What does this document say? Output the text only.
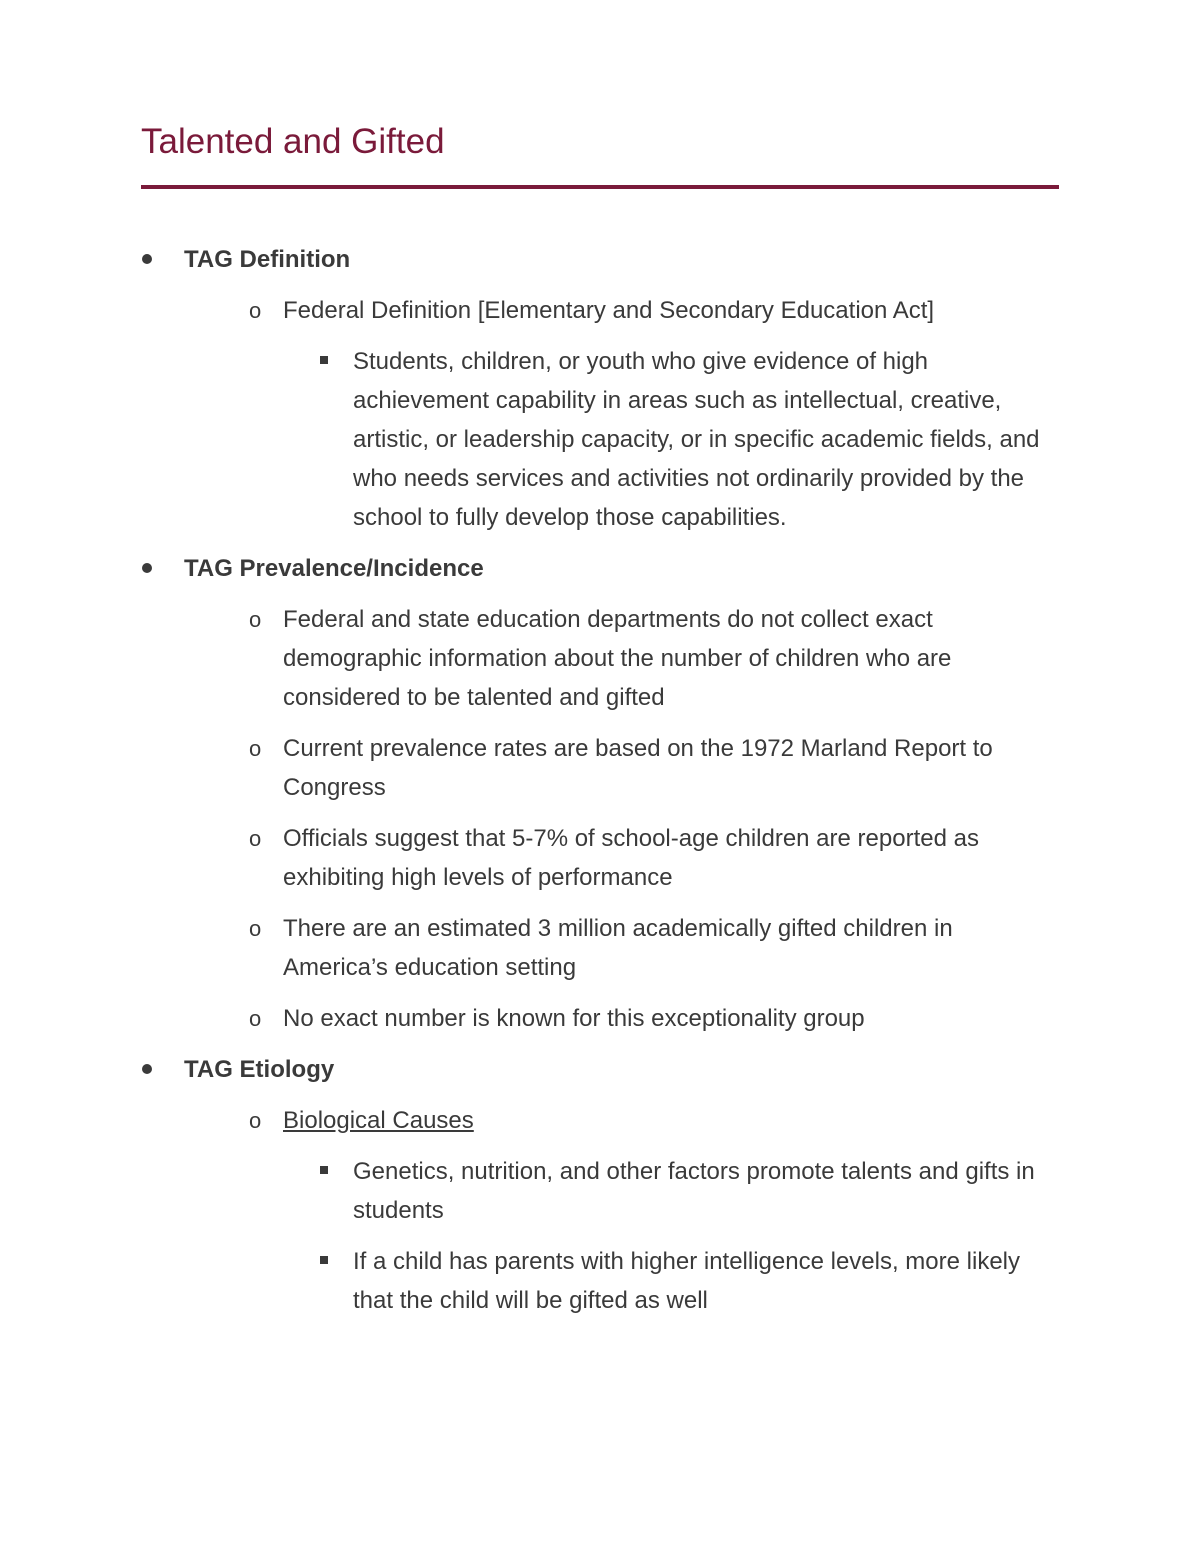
Talented and Gifted
TAG Definition
o Federal Definition [Elementary and Secondary Education Act]
Students, children, or youth who give evidence of high achievement capability in areas such as intellectual, creative, artistic, or leadership capacity, or in specific academic fields, and who needs services and activities not ordinarily provided by the school to fully develop those capabilities.
TAG Prevalence/Incidence
o Federal and state education departments do not collect exact demographic information about the number of children who are considered to be talented and gifted
o Current prevalence rates are based on the 1972 Marland Report to Congress
o Officials suggest that 5-7% of school-age children are reported as exhibiting high levels of performance
o There are an estimated 3 million academically gifted children in America’s education setting
o No exact number is known for this exceptionality group
TAG Etiology
o Biological Causes
Genetics, nutrition, and other factors promote talents and gifts in students
If a child has parents with higher intelligence levels, more likely that the child will be gifted as well
